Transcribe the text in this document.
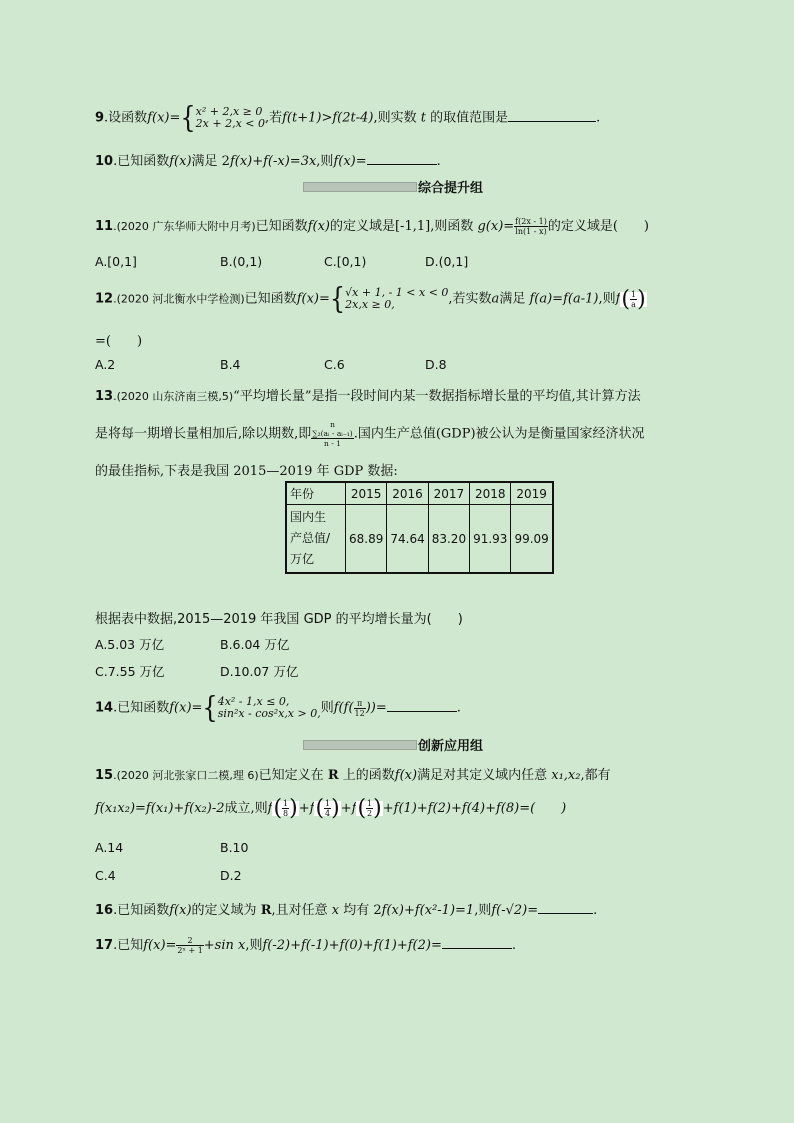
9.设函数f(x)={ x² + 2,x ≥ 0
2x + 2,x < 0 ,若f(t+1)>f(2t-4),则实数 t 的取值范围是	.
10.已知函数f(x)满足 2f(x)+f(-x)=3x,则f(x)=	.
综合提升组
11.(2020 广东华师大附中月考)已知函数f(x)的定义域是[-1,1],则函数 $g(x)= \frac{f(2x - 1)}{\ln(1 - x)}$ 的定义域是(　　)
A.[0,1]	B.(0,1)	C.[0,1)	D.(0,1]
12.(2020 河北衡水中学检测)已知函数f(x)={ √x + 1, - 1 < x < 0
2x,x ≥ 0,	,若实数a满足 f(a)=f(a-1),则$f( \frac{1}{a}$ )
=(　　)
A.2	B.4	C.6	D.8
13.(2020 山东济南三模,5)“平均增长量”是指一段时间内某一数据指标增长量的平均值,其计算方法
是将每一期增长量相加后,除以期数,即
n
∑₂(aᵢ - aᵢ₋₁)
n - 1
.国内生产总值(GDP)被公认为是衡量国家经济状况
的最佳指标,下表是我国 2015—2019 年 GDP 数据:
年份	2015	2016	2017	2018	2019

国内生
产总值/
万亿	68.89	74.64	83.20	91.93	99.09
根据表中数据,2015—2019 年我国 GDP 的平均增长量为(　　)
A.5.03 万亿	B.6.04 万亿
C.7.55 万亿	D.10.07 万亿
14.已知函数f(x)={ 4x² - 1,x ≤ 0,
sin²x - cos²x,x > 0, 则$f(f( \frac{\pi}{12}$ ))=	.
创新应用组
15.(2020 河北张家口二模,理 6)已知定义在 R 上的函数f(x)满足对其定义域内任意 x₁,x₂,都有
f(x₁x₂)=f(x₁)+f(x₂)-2成立,则$f( \frac{1}{8} )+f( \frac{1}{4} )+f( \frac{1}{2} )+f(1)+f(2)+f(4)+f(8)=$(　　)
A.14	B.10
C.4	D.2
16.已知函数f(x)的定义域为 R,且对任意 x 均有 2f(x)+f(x²-1)=1,则f(-√2)=	.
17.已知$f(x)= \frac{2}{\text{2ˣ + 1}} +\sin$ x,则f(-2)+f(-1)+f(0)+f(1)+f(2)=	.
